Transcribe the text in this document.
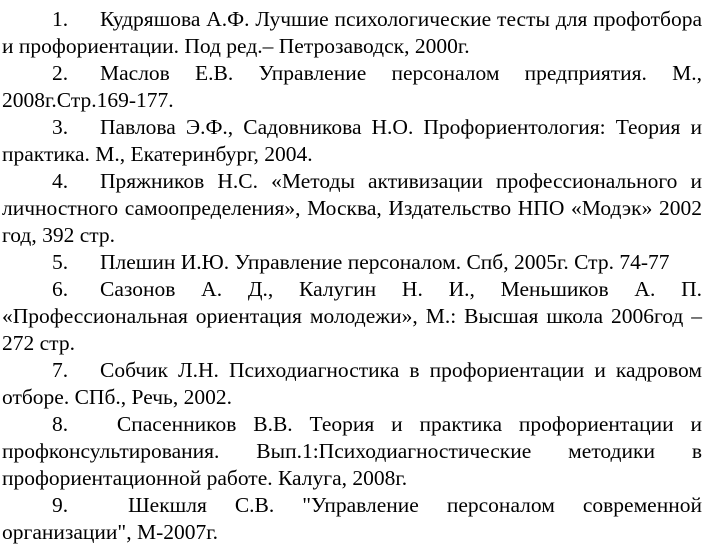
1. Кудряшова А.Ф. Лучшие психологические тесты для профотбора и профориентации. Под ред.– Петрозаводск, 2000г.
2. Маслов Е.В. Управление персоналом предприятия. М., 2008г.Стр.169-177.
3. Павлова Э.Ф., Садовникова Н.О. Профориентология: Теория и практика. М., Екатеринбург, 2004.
4. Пряжников Н.С. «Методы активизации профессионального и личностного самоопределения», Москва, Издательство НПО «Модэк» 2002 год, 392 стр.
5. Плешин И.Ю. Управление персоналом. Спб, 2005г. Стр. 74-77
6. Сазонов А. Д., Калугин Н. И., Меньшиков А. П. «Профессиональная ориентация молодежи», М.: Высшая школа 2006год – 272 стр.
7. Собчик Л.Н. Психодиагностика в профориентации и кадровом отборе. СПб., Речь, 2002.
8. Спасенников В.В. Теория и практика профориентации и профконсультирования. Вып.1:Психодиагностические методики в профориентационной работе. Калуга, 2008г.
9. Шекшля С.В. "Управление персоналом современной организации", М-2007г.
